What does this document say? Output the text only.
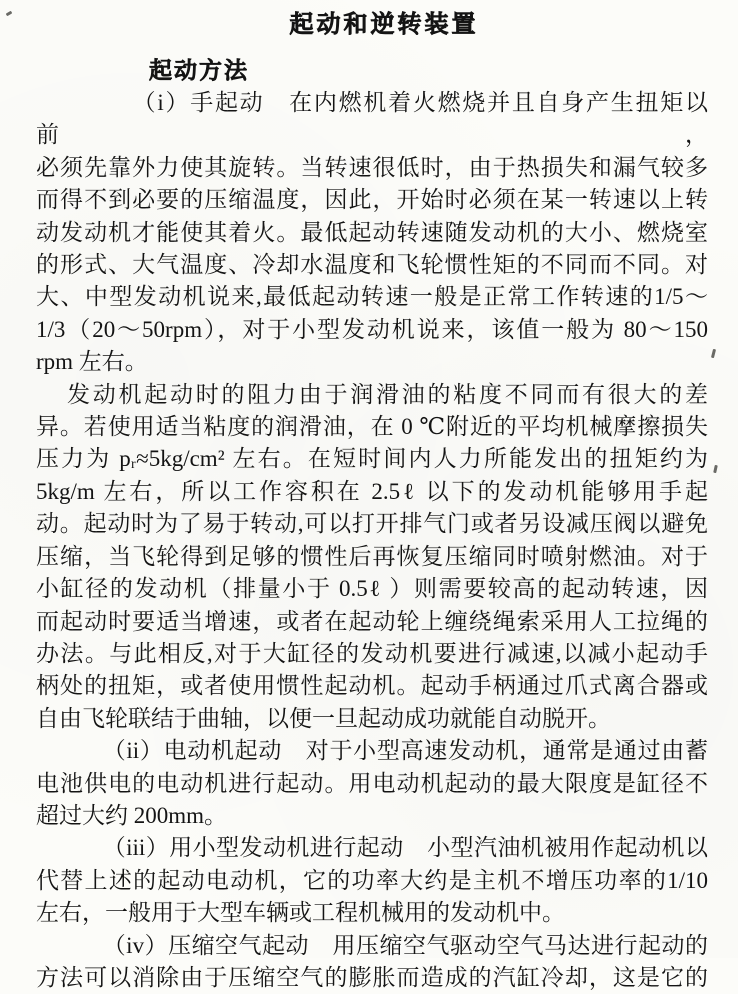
起动和逆转装置
起动方法
（i）手起动　在内燃机着火燃烧并且自身产生扭矩以前，
必须先靠外力使其旋转。当转速很低时，由于热损失和漏气较多
而得不到必要的压缩温度，因此，开始时必须在某一转速以上转
动发动机才能使其着火。最低起动转速随发动机的大小、燃烧室
的形式、大气温度、冷却水温度和飞轮惯性矩的不同而不同。对
大、中型发动机说来,最低起动转速一般是正常工作转速的1/5～
1/3（20～50rpm），对于小型发动机说来，该值一般为 80～150
rpm 左右。
发动机起动时的阻力由于润滑油的粘度不同而有很大的差
异。若使用适当粘度的润滑油，在 0 ℃附近的平均机械摩擦损失
压力为 pᵣ≈5kg/cm² 左右。在短时间内人力所能发出的扭矩约为
5kg/m 左右，所以工作容积在 2.5ℓ 以下的发动机能够用手起
动。起动时为了易于转动,可以打开排气门或者另设减压阀以避免
压缩，当飞轮得到足够的惯性后再恢复压缩同时喷射燃油。对于
小缸径的发动机（排量小于 0.5ℓ ）则需要较高的起动转速，因
而起动时要适当增速，或者在起动轮上缠绕绳索采用人工拉绳的
办法。与此相反,对于大缸径的发动机要进行减速,以减小起动手
柄处的扭矩，或者使用惯性起动机。起动手柄通过爪式离合器或
自由飞轮联结于曲轴，以便一旦起动成功就能自动脱开。
（ii）电动机起动　对于小型高速发动机，通常是通过由蓄
电池供电的电动机进行起动。用电动机起动的最大限度是缸径不
超过大约 200mm。
（iii）用小型发动机进行起动　小型汽油机被用作起动机以
代替上述的起动电动机，它的功率大约是主机不增压功率的1/10
左右，一般用于大型车辆或工程机械用的发动机中。
（iv）压缩空气起动　用压缩空气驱动空气马达进行起动的
方法可以消除由于压缩空气的膨胀而造成的汽缸冷却，这是它的
